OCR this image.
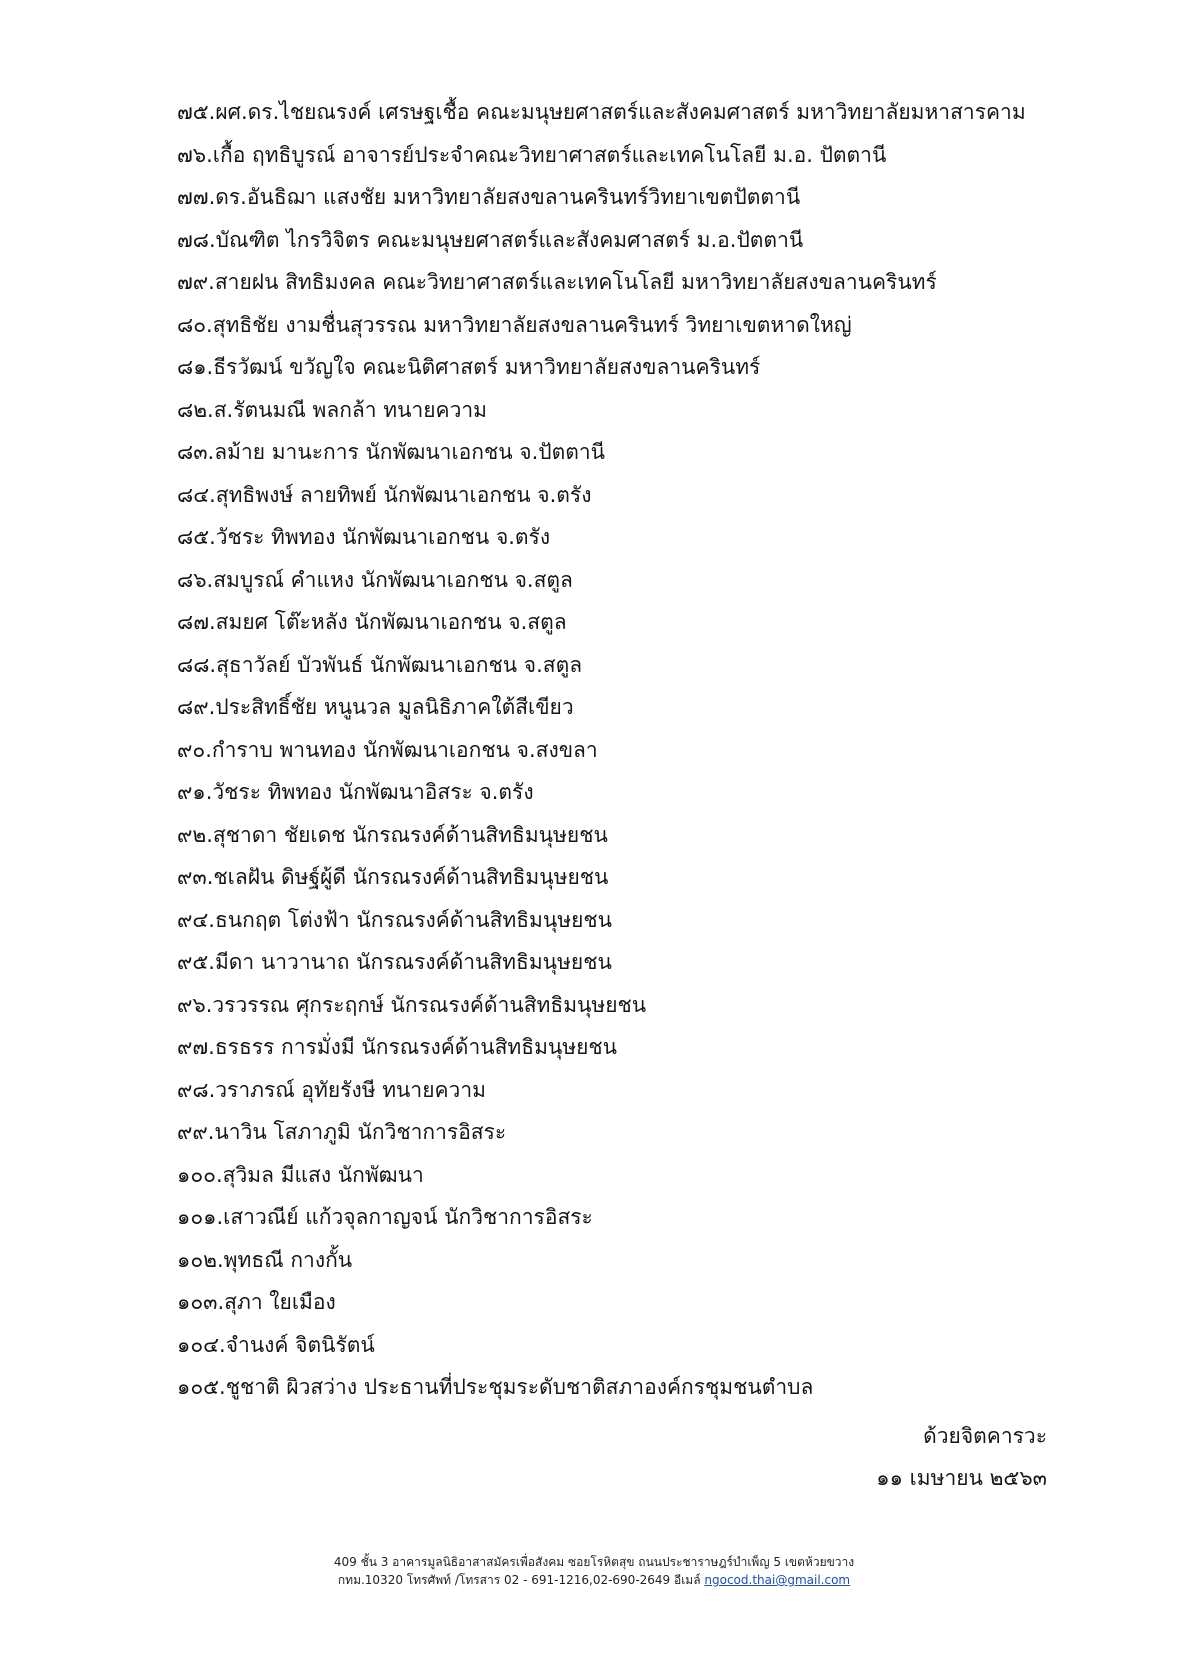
๗๕.ผศ.ดร.ไชยณรงค์ เศรษฐเชื้อ คณะมนุษยศาสตร์และสังคมศาสตร์ มหาวิทยาลัยมหาสารคาม
๗๖.เกื้อ ฤทธิบูรณ์ อาจารย์ประจำคณะวิทยาศาสตร์และเทคโนโลยี ม.อ. ปัตตานี
๗๗.ดร.อันธิฌา แสงชัย มหาวิทยาลัยสงขลานครินทร์วิทยาเขตปัตตานี
๗๘.บัณฑิต ไกรวิจิตร คณะมนุษยศาสตร์และสังคมศาสตร์ ม.อ.ปัตตานี
๗๙.สายฝน สิทธิมงคล คณะวิทยาศาสตร์และเทคโนโลยี มหาวิทยาลัยสงขลานครินทร์
๘๐.สุทธิชัย งามชื่นสุวรรณ มหาวิทยาลัยสงขลานครินทร์ วิทยาเขตหาดใหญ่
๘๑.ธีรวัฒน์ ขวัญใจ คณะนิติศาสตร์ มหาวิทยาลัยสงขลานครินทร์
๘๒.ส.รัตนมณี พลกล้า ทนายความ
๘๓.ลม้าย มานะการ นักพัฒนาเอกชน จ.ปัตตานี
๘๔.สุทธิพงษ์ ลายทิพย์ นักพัฒนาเอกชน จ.ตรัง
๘๕.วัชระ ทิพทอง นักพัฒนาเอกชน จ.ตรัง
๘๖.สมบูรณ์ คำแหง นักพัฒนาเอกชน จ.สตูล
๘๗.สมยศ โต๊ะหลัง นักพัฒนาเอกชน จ.สตูล
๘๘.สุธาวัลย์ บัวพันธ์ นักพัฒนาเอกชน จ.สตูล
๘๙.ประสิทธิ์ชัย หนูนวล มูลนิธิภาคใต้สีเขียว
๙๐.กำราบ พานทอง นักพัฒนาเอกชน จ.สงขลา
๙๑.วัชระ ทิพทอง นักพัฒนาอิสระ จ.ตรัง
๙๒.สุชาดา ชัยเดช นักรณรงค์ด้านสิทธิมนุษยชน
๙๓.ชเลฝัน ดิษฐ์ผู้ดี นักรณรงค์ด้านสิทธิมนุษยชน
๙๔.ธนกฤต โต่งฟ้า นักรณรงค์ด้านสิทธิมนุษยชน
๙๕.มีดา นาวานาถ นักรณรงค์ด้านสิทธิมนุษยชน
๙๖.วรวรรณ ศุกระฤกษ์ นักรณรงค์ด้านสิทธิมนุษยชน
๙๗.ธรธรร การมั่งมี นักรณรงค์ด้านสิทธิมนุษยชน
๙๘.วราภรณ์ อุทัยรังษี ทนายความ
๙๙.นาวิน โสภาภูมิ นักวิชาการอิสระ
๑๐๐.สุวิมล มีแสง นักพัฒนา
๑๐๑.เสาวณีย์ แก้วจุลกาญจน์ นักวิชาการอิสระ
๑๐๒.พุทธณี กางกั้น
๑๐๓.สุภา ใยเมือง
๑๐๔.จำนงค์ จิตนิรัตน์
๑๐๕.ชูชาติ ผิวสว่าง ประธานที่ประชุมระดับชาติสภาองค์กรชุมชนตำบล
ด้วยจิตคารวะ
๑๑ เมษายน ๒๕๖๓
409 ชั้น 3 อาคารมูลนิธิอาสาสมัครเพื่อสังคม ซอยโรหิตสุข ถนนประชาราษฎร์บำเพ็ญ 5 เขตห้วยขวาง
กทม.10320 โทรศัพท์ /โทรสาร 02 - 691-1216,02-690-2649 อีเมล์ ngocod.thai@gmail.com
